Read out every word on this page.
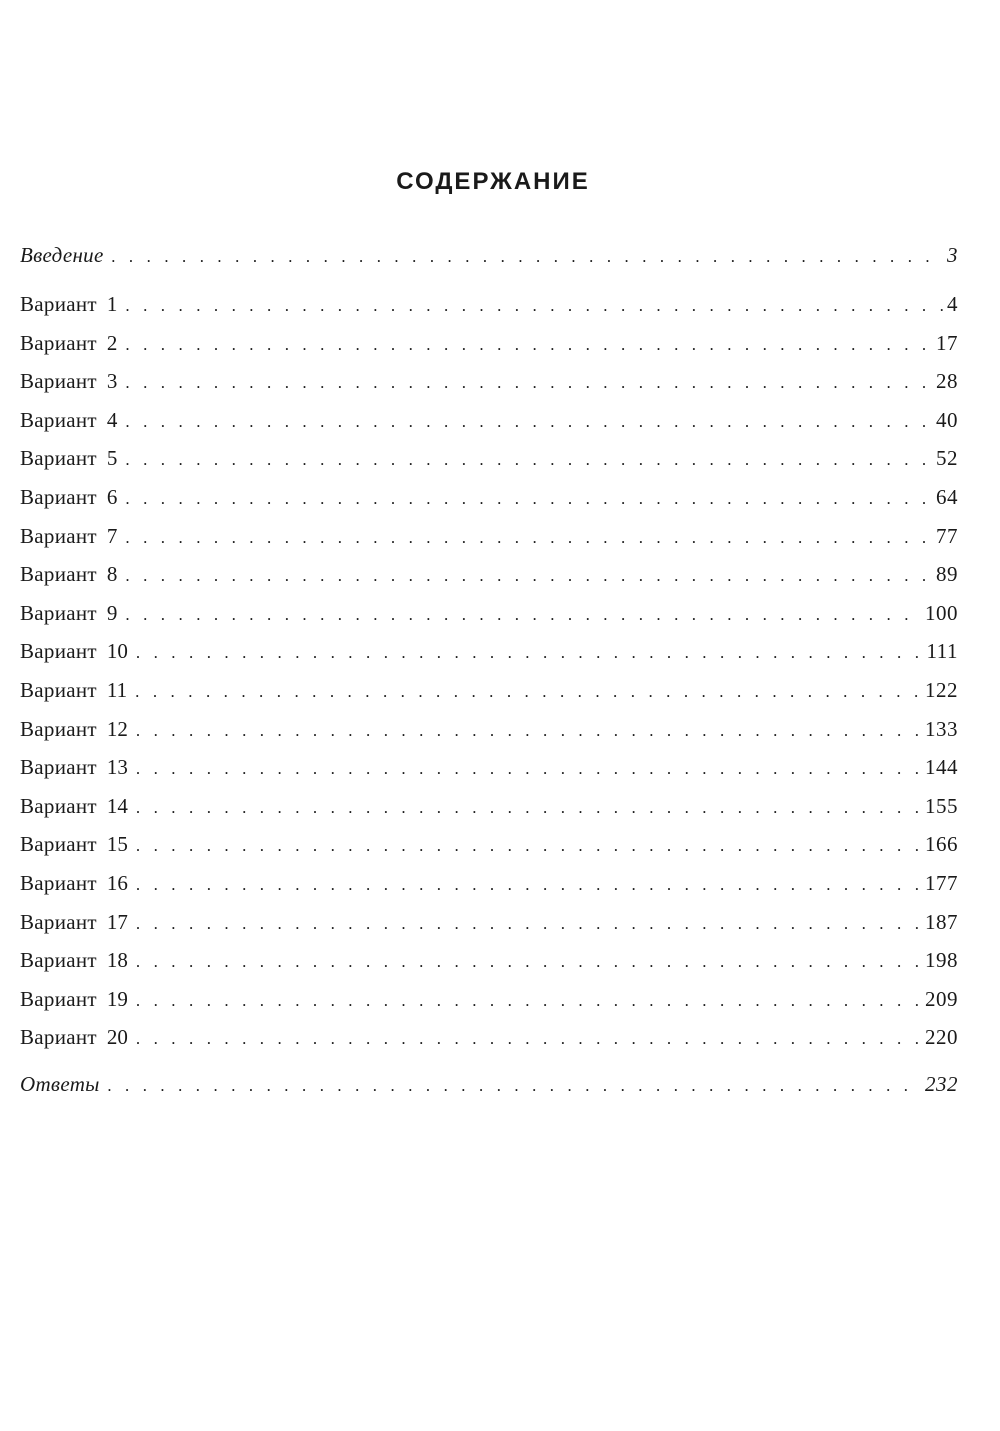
СОДЕРЖАНИЕ
Введение . . .	3
Вариант 1 . . .	4
Вариант 2 . . .	17
Вариант 3 . . .	28
Вариант 4 . . .	40
Вариант 5 . . .	52
Вариант 6 . . .	64
Вариант 7 . . .	77
Вариант 8 . . .	89
Вариант 9 . . .	100
Вариант 10 . . .	111
Вариант 11 . . .	122
Вариант 12 . . .	133
Вариант 13 . . .	144
Вариант 14 . . .	155
Вариант 15 . . .	166
Вариант 16 . . .	177
Вариант 17 . . .	187
Вариант 18 . . .	198
Вариант 19 . . .	209
Вариант 20 . . .	220
Ответы . . .	232
